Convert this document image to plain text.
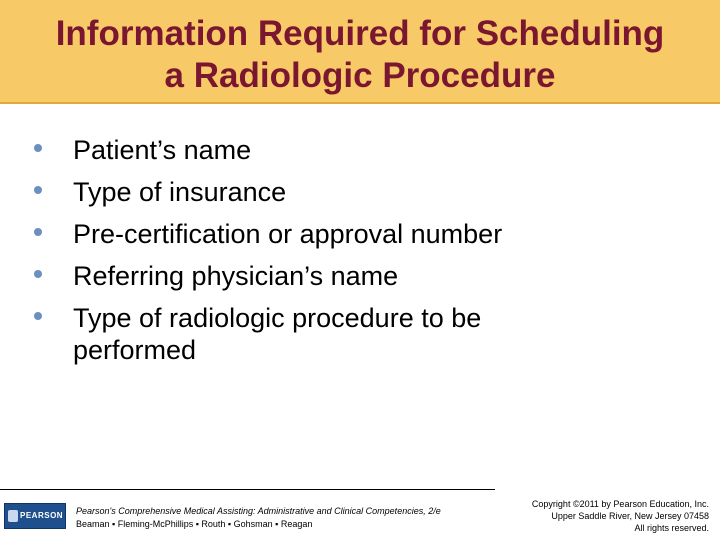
Information Required for Scheduling
a Radiologic Procedure
Patient’s name
Type of insurance
Pre-certification or approval number
Referring physician’s name
Type of radiologic procedure to be
performed
PEARSON Pearson's Comprehensive Medical Assisting: Administrative and Clinical Competencies, 2/e
Beaman ▪ Fleming-McPhillips ▪ Routh ▪ Gohsman ▪ Reagan
Copyright ©2011 by Pearson Education, Inc.
Upper Saddle River, New Jersey 07458
All rights reserved.
